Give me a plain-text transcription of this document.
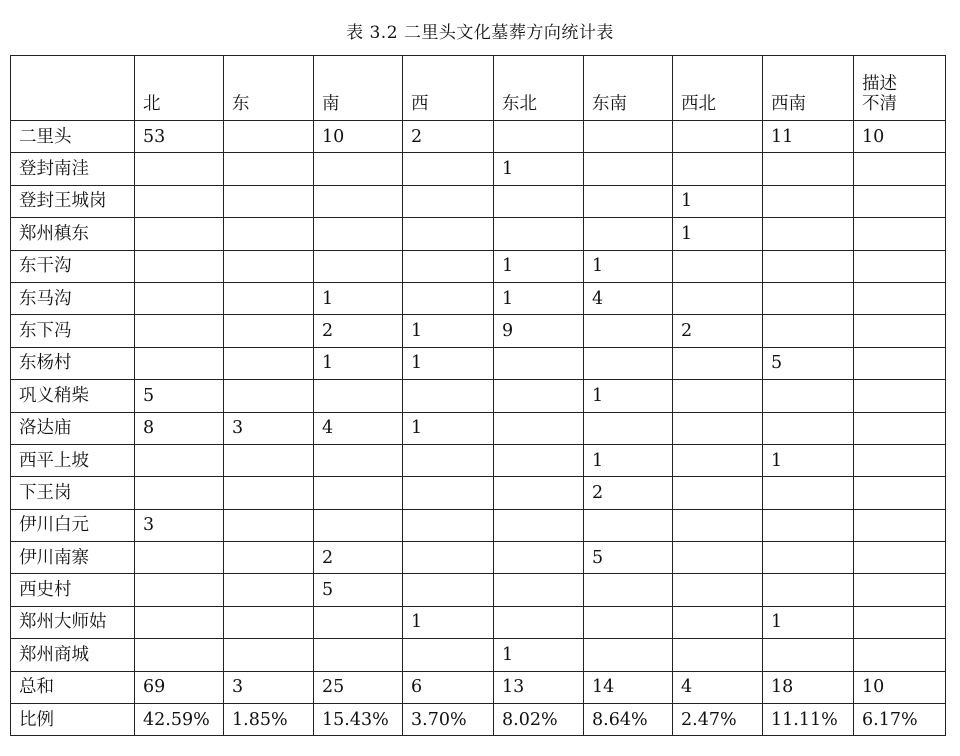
表 3.2 二里头文化墓葬方向统计表
	北	东	南	西	东北	东南	西北	西南	描述
不清
二里头	53		10	2				11	10
登封南洼					1				
登封王城岗							1		
郑州稹东							1		
东干沟					1	1			
东马沟			1		1	4			
东下冯			2	1	9		2		
东杨村			1	1				5	
巩义稍柴	5					1			
洛达庙	8	3	4	1					
西平上坡						1		1	
下王岗						2			
伊川白元	3								
伊川南寨			2			5			
西史村			5						
郑州大师姑				1				1	
郑州商城					1				
总和	69	3	25	6	13	14	4	18	10
比例	42.59%	1.85%	15.43%	3.70%	8.02%	8.64%	2.47%	11.11%	6.17%
